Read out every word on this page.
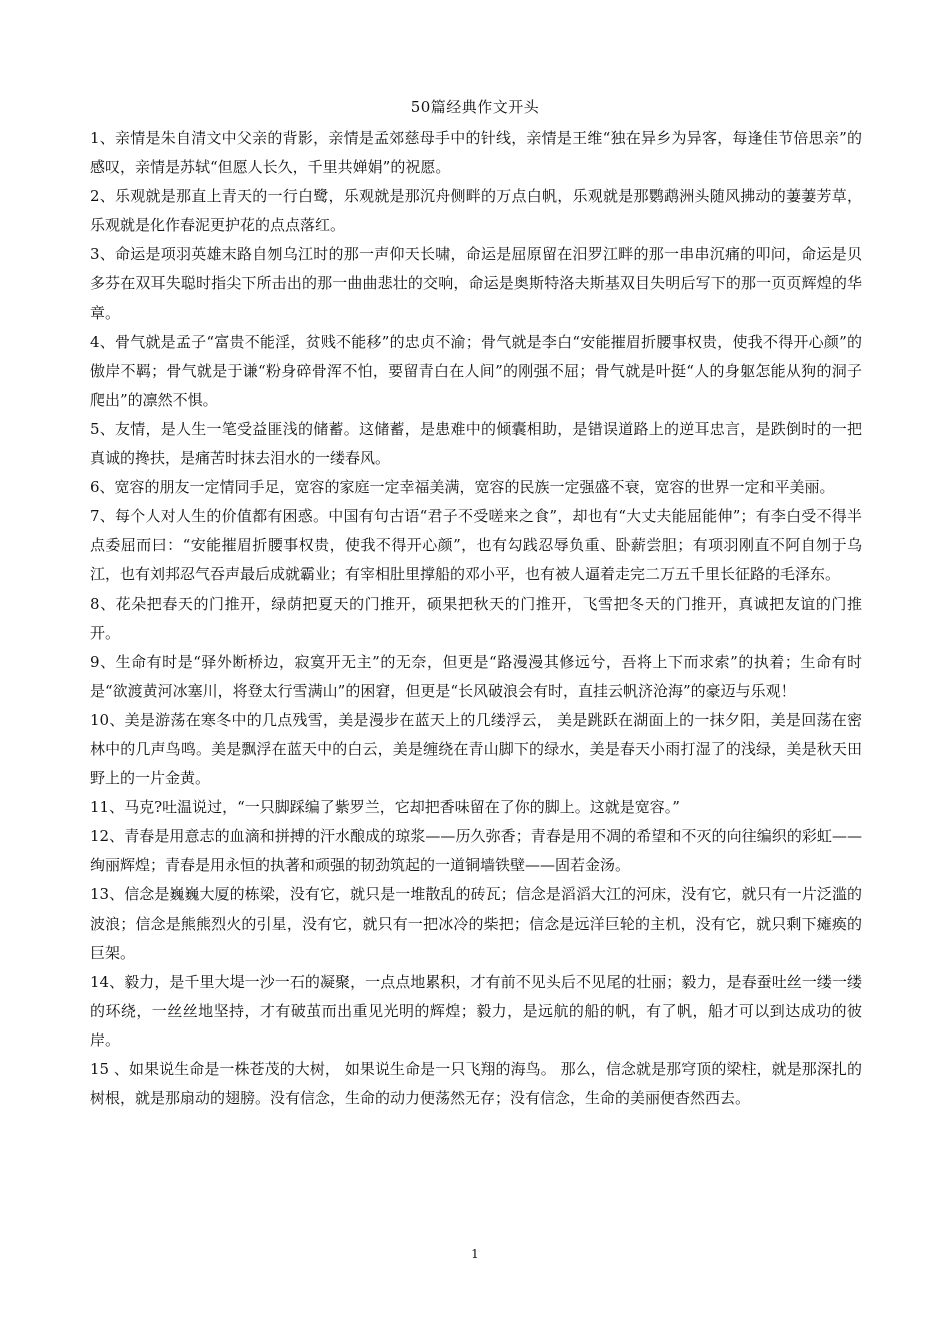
50篇经典作文开头

1、亲情是朱自清文中父亲的背影，亲情是孟郊慈母手中的针线，亲情是王维“独在异乡为异客，每逢佳节倍思亲”的感叹，亲情是苏轼“但愿人长久，千里共婵娟”的祝愿。

2、乐观就是那直上青天的一行白鹭，乐观就是那沉舟侧畔的万点白帆，乐观就是那鹦鹉洲头随风拂动的萋萋芳草，乐观就是化作春泥更护花的点点落红。

3、命运是项羽英雄末路自刎乌江时的那一声仰天长啸，命运是屈原留在汨罗江畔的那一串串沉痛的叩问，命运是贝多芬在双耳失聪时指尖下所击出的那一曲曲悲壮的交响，命运是奥斯特洛夫斯基双目失明后写下的那一页页辉煌的华章。

4、骨气就是孟子“富贵不能淫，贫贱不能移”的忠贞不渝；骨气就是李白“安能摧眉折腰事权贵，使我不得开心颜”的傲岸不羁；骨气就是于谦“粉身碎骨浑不怕，要留青白在人间”的刚强不屈；骨气就是叶挺“人的身躯怎能从狗的洞子爬出”的凛然不惧。

5、友情，是人生一笔受益匪浅的储蓄。这储蓄，是患难中的倾囊相助，是错误道路上的逆耳忠言，是跌倒时的一把真诚的搀扶，是痛苦时抹去泪水的一缕春风。

6、宽容的朋友一定情同手足，宽容的家庭一定幸福美满，宽容的民族一定强盛不衰，宽容的世界一定和平美丽。

7、每个人对人生的价值都有困惑。中国有句古语“君子不受嗟来之食”，却也有“大丈夫能屈能伸”；有李白受不得半点委屈而曰：“安能摧眉折腰事权贵，使我不得开心颜”，也有勾践忍辱负重、卧薪尝胆；有项羽刚直不阿自刎于乌江，也有刘邦忍气吞声最后成就霸业；有宰相肚里撑船的邓小平，也有被人逼着走完二万五千里长征路的毛泽东。

8、花朵把春天的门推开，绿荫把夏天的门推开，硕果把秋天的门推开，飞雪把冬天的门推开，真诚把友谊的门推开。

9、生命有时是“驿外断桥边，寂寞开无主”的无奈，但更是“路漫漫其修远兮，吾将上下而求索”的执着；生命有时是“欲渡黄河冰塞川，将登太行雪满山”的困窘，但更是“长风破浪会有时，直挂云帆济沧海”的豪迈与乐观！

10、美是游荡在寒冬中的几点残雪，美是漫步在蓝天上的几缕浮云， 美是跳跃在湖面上的一抹夕阳，美是回荡在密林中的几声鸟鸣。美是飘浮在蓝天中的白云，美是缠绕在青山脚下的绿水，美是春天小雨打湿了的浅绿，美是秋天田野上的一片金黄。

11、马克?吐温说过，“一只脚踩编了紫罗兰，它却把香味留在了你的脚上。这就是宽容。”

12、青春是用意志的血滴和拼搏的汗水酿成的琼浆——历久弥香；青春是用不凋的希望和不灭的向往编织的彩虹——绚丽辉煌；青春是用永恒的执著和顽强的韧劲筑起的一道铜墙铁壁——固若金汤。

13、信念是巍巍大厦的栋梁，没有它，就只是一堆散乱的砖瓦；信念是滔滔大江的河床，没有它，就只有一片泛滥的波浪；信念是熊熊烈火的引星，没有它，就只有一把冰冷的柴把；信念是远洋巨轮的主机，没有它，就只剩下瘫痪的巨架。

14、毅力，是千里大堤一沙一石的凝聚，一点点地累积，才有前不见头后不见尾的壮丽；毅力，是春蚕吐丝一缕一缕的环绕，一丝丝地坚持，才有破茧而出重见光明的辉煌；毅力，是远航的船的帆，有了帆，船才可以到达成功的彼岸。

15 、如果说生命是一株苍茂的大树， 如果说生命是一只飞翔的海鸟。 那么，信念就是那穹顶的梁柱，就是那深扎的树根，就是那扇动的翅膀。没有信念，生命的动力便荡然无存；没有信念，生命的美丽便杳然西去。

1
